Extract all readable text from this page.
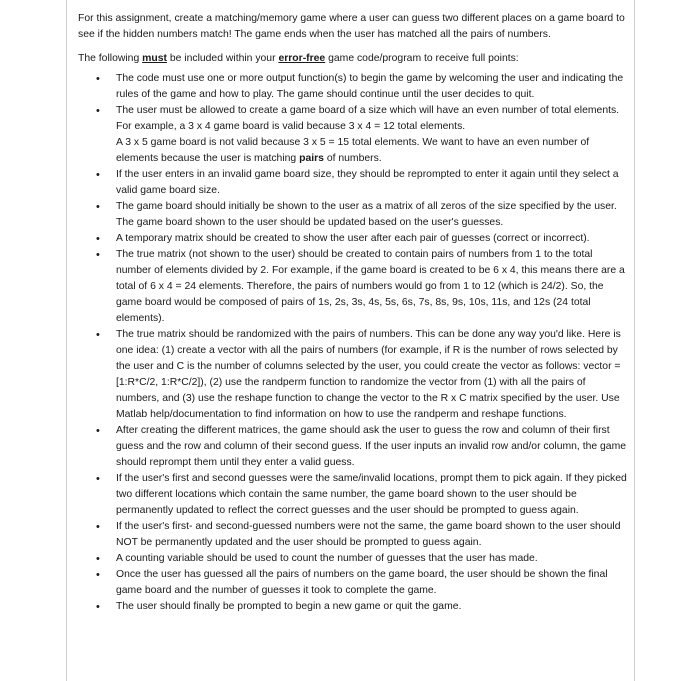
For this assignment, create a matching/memory game where a user can guess two different places on a game board to see if the hidden numbers match! The game ends when the user has matched all the pairs of numbers.

The following must be included within your error-free game code/program to receive full points:

• The code must use one or more output function(s) to begin the game by welcoming the user and indicating the rules of the game and how to play. The game should continue until the user decides to quit.

• The user must be allowed to create a game board of a size which will have an even number of total elements. For example, a 3 x 4 game board is valid because 3 x 4 = 12 total elements.

A 3 x 5 game board is not valid because 3 x 5 = 15 total elements. We want to have an even number of elements because the user is matching pairs of numbers.

• If the user enters in an invalid game board size, they should be reprompted to enter it again until they select a valid game board size.

• The game board should initially be shown to the user as a matrix of all zeros of the size specified by the user. The game board shown to the user should be updated based on the user's guesses.

• A temporary matrix should be created to show the user after each pair of guesses (correct or incorrect).

• The true matrix (not shown to the user) should be created to contain pairs of numbers from 1 to the total number of elements divided by 2. For example, if the game board is created to be 6 x 4, this means there are a total of 6 x 4 = 24 elements. Therefore, the pairs of numbers would go from 1 to 12 (which is 24/2). So, the game board would be composed of pairs of 1s, 2s, 3s, 4s, 5s, 6s, 7s, 8s, 9s, 10s, 11s, and 12s (24 total elements).

• The true matrix should be randomized with the pairs of numbers. This can be done any way you'd like. Here is one idea: (1) create a vector with all the pairs of numbers (for example, if R is the number of rows selected by the user and C is the number of columns selected by the user, you could create the vector as follows: vector = [1:R*C/2, 1:R*C/2]), (2) use the randperm function to randomize the vector from (1) with all the pairs of numbers, and (3) use the reshape function to change the vector to the R x C matrix specified by the user. Use Matlab help/documentation to find information on how to use the randperm and reshape functions.

• After creating the different matrices, the game should ask the user to guess the row and column of their first guess and the row and column of their second guess. If the user inputs an invalid row and/or column, the game should reprompt them until they enter a valid guess.

• If the user's first and second guesses were the same/invalid locations, prompt them to pick again. If they picked two different locations which contain the same number, the game board shown to the user should be permanently updated to reflect the correct guesses and the user should be prompted to guess again.

• If the user's first- and second-guessed numbers were not the same, the game board shown to the user should NOT be permanently updated and the user should be prompted to guess again.

• A counting variable should be used to count the number of guesses that the user has made.

• Once the user has guessed all the pairs of numbers on the game board, the user should be shown the final game board and the number of guesses it took to complete the game.

• The user should finally be prompted to begin a new game or quit the game.
